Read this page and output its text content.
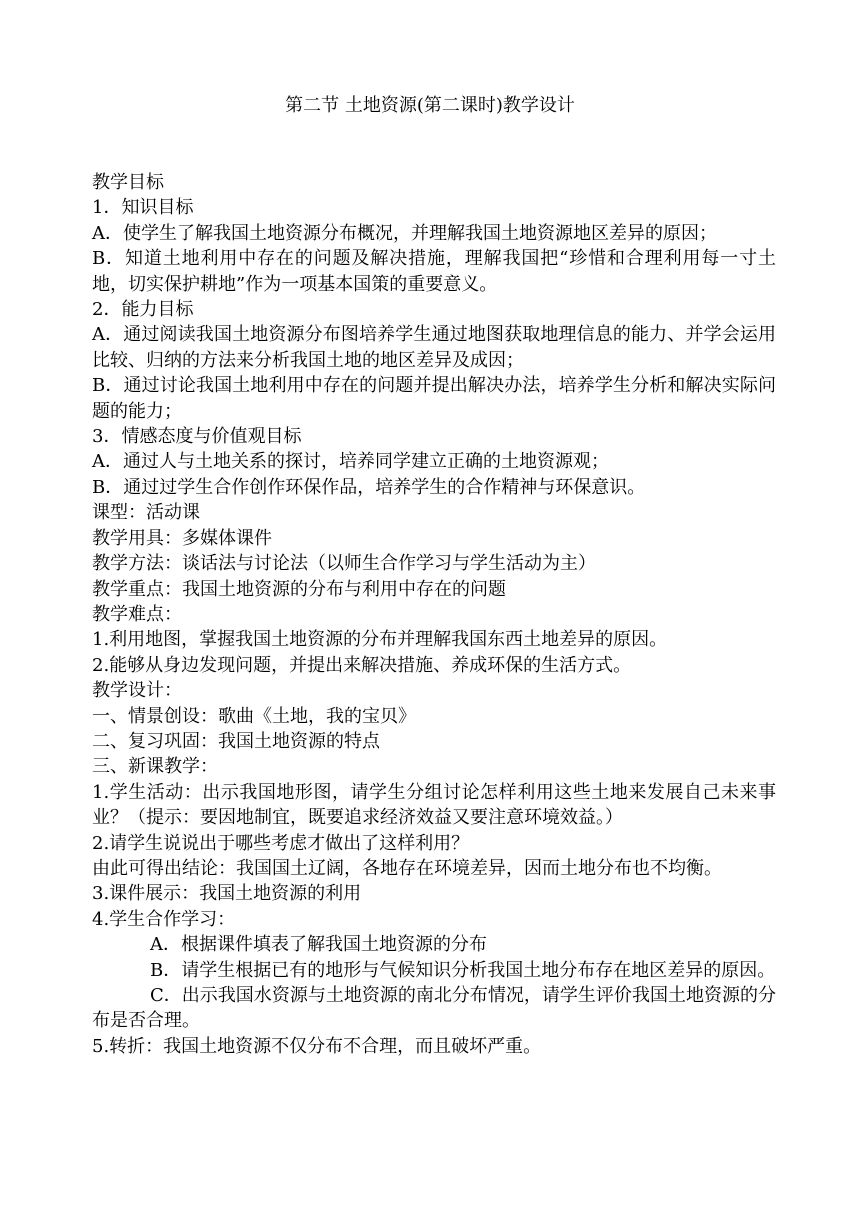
第二节 土地资源(第二课时)教学设计

教学目标

1．知识目标

A．使学生了解我国土地资源分布概况，并理解我国土地资源地区差异的原因；

B．知道土地利用中存在的问题及解决措施，理解我国把“珍惜和合理利用每一寸土地，切实保护耕地”作为一项基本国策的重要意义。

2．能力目标

A．通过阅读我国土地资源分布图培养学生通过地图获取地理信息的能力、并学会运用比较、归纳的方法来分析我国土地的地区差异及成因；

B．通过讨论我国土地利用中存在的问题并提出解决办法，培养学生分析和解决实际问题的能力；

3．情感态度与价值观目标

A．通过人与土地关系的探讨，培养同学建立正确的土地资源观；

B．通过过学生合作创作环保作品，培养学生的合作精神与环保意识。

课型：活动课

教学用具：多媒体课件

教学方法：谈话法与讨论法（以师生合作学习与学生活动为主）

教学重点：我国土地资源的分布与利用中存在的问题

教学难点：

1.利用地图，掌握我国土地资源的分布并理解我国东西土地差异的原因。

2.能够从身边发现问题，并提出来解决措施、养成环保的生活方式。

教学设计：

一、情景创设：歌曲《土地，我的宝贝》

二、复习巩固：我国土地资源的特点

三、新课教学：

1.学生活动：出示我国地形图，请学生分组讨论怎样利用这些土地来发展自己未来事业？（提示：要因地制宜，既要追求经济效益又要注意环境效益。）

2.请学生说说出于哪些考虑才做出了这样利用？

由此可得出结论：我国国土辽阔，各地存在环境差异，因而土地分布也不均衡。

3.课件展示：我国土地资源的利用

4.学生合作学习：

A．根据课件填表了解我国土地资源的分布

B．请学生根据已有的地形与气候知识分析我国土地分布存在地区差异的原因。

C．出示我国水资源与土地资源的南北分布情况，请学生评价我国土地资源的分布是否合理。

5.转折：我国土地资源不仅分布不合理，而且破坏严重。
